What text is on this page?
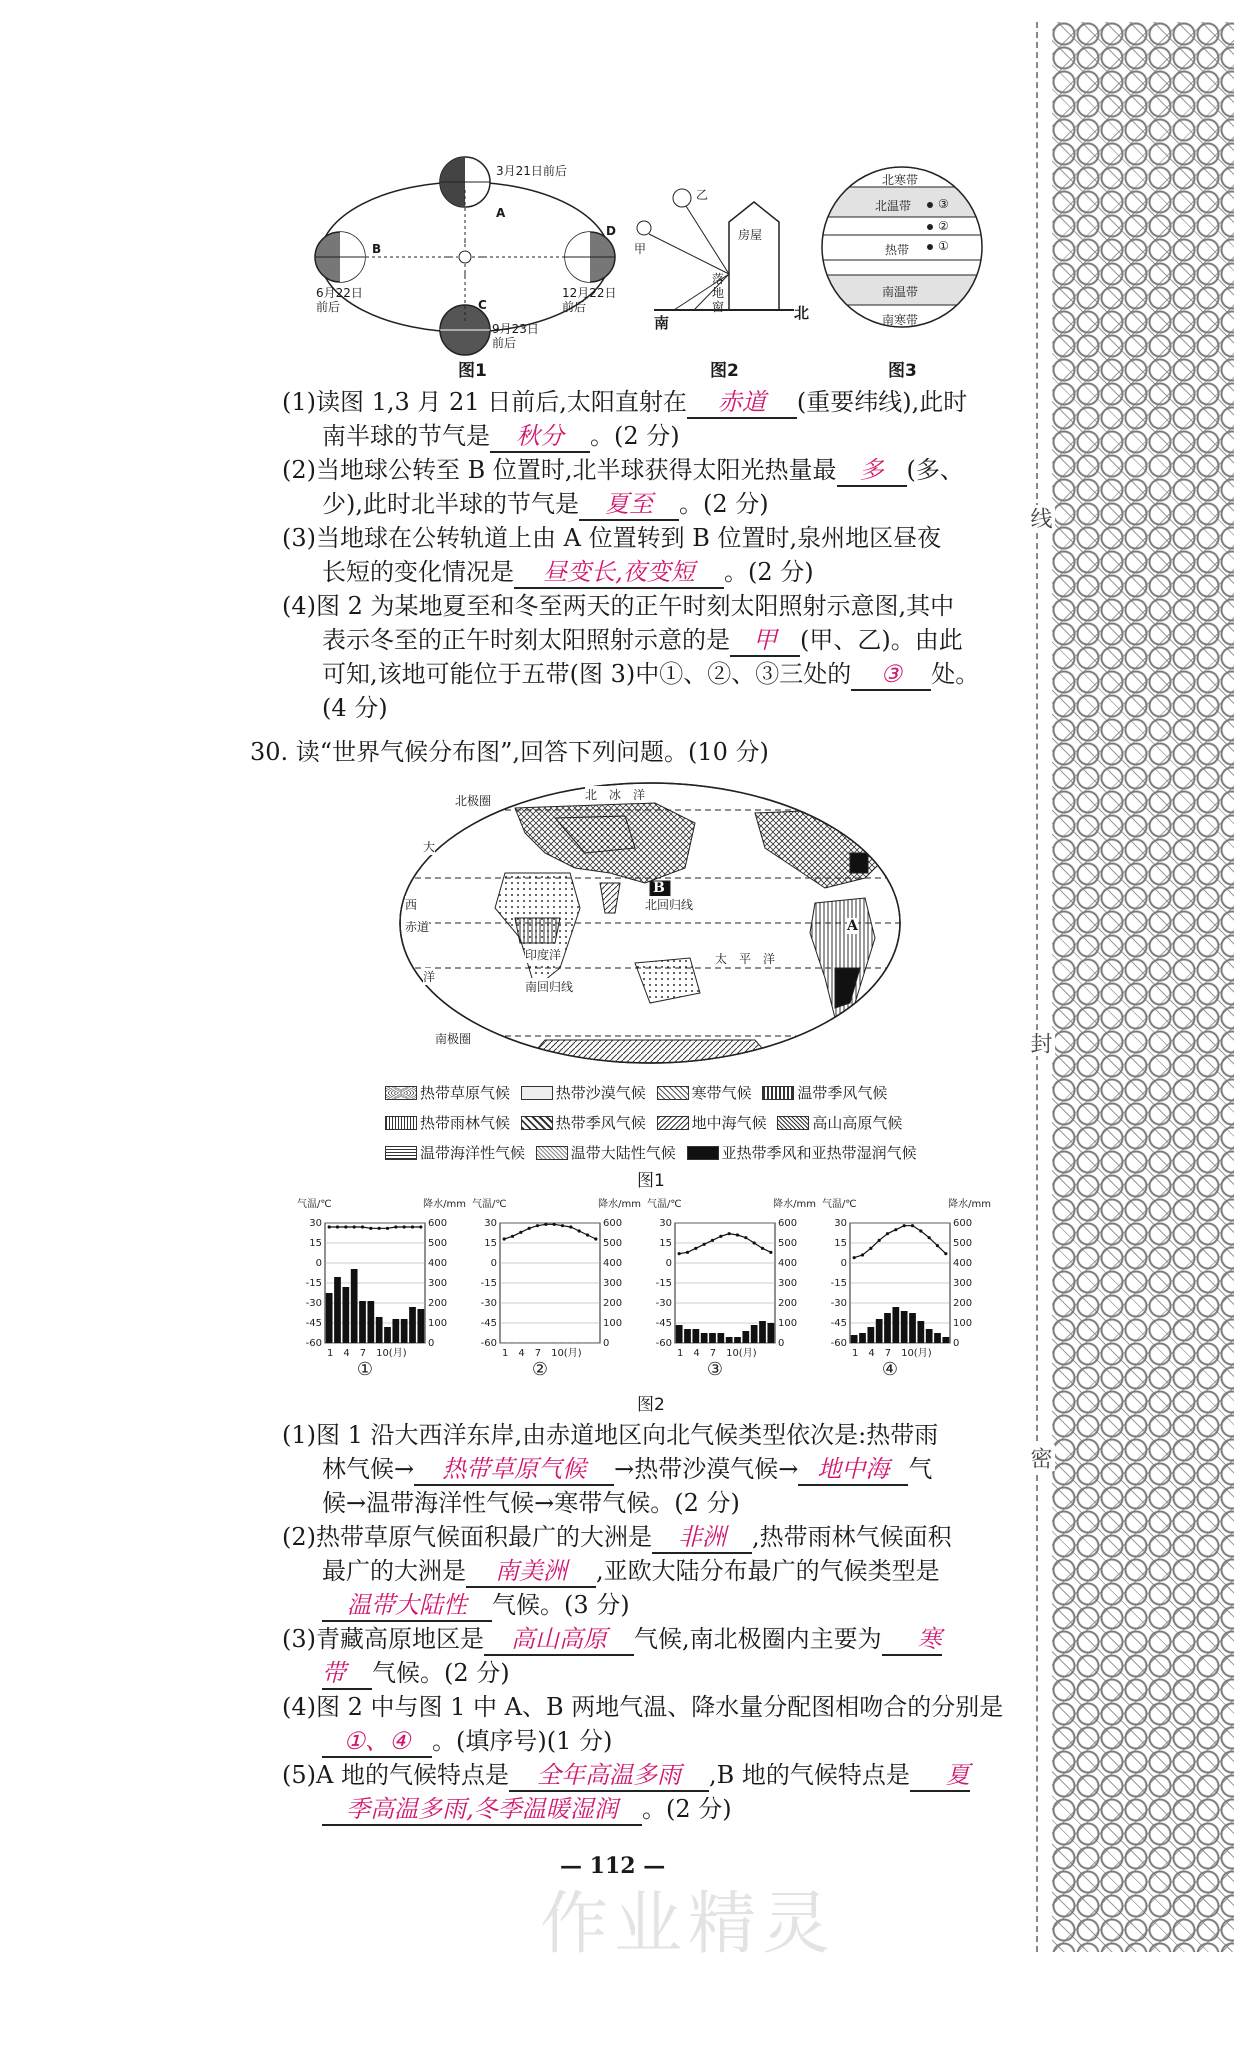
线
封
密
3月21日前后
A
B
C
D
6月22日
前后
12月22日
前后
9月23日
前后
图1
乙
甲
房屋
落地窗
南
北
图2
北寒带
北温带
热带
南温带
南寒带
③
②
①
图3
(1)读图 1,3 月 21 日前后,太阳直射在 赤道 (重要纬线),此时
南半球的节气是 秋分 。(2 分)
(2)当地球公转至 B 位置时,北半球获得太阳光热量最 多 (多、
少),此时北半球的节气是 夏至 。(2 分)
(3)当地球在公转轨道上由 A 位置转到 B 位置时,泉州地区昼夜
长短的变化情况是 昼变长,夜变短 。(2 分)
(4)图 2 为某地夏至和冬至两天的正午时刻太阳照射示意图,其中
表示冬至的正午时刻太阳照射示意的是 甲 (甲、乙)。由此
可知,该地可能位于五带(图 3)中①、②、③三处的 ③ 处。
(4 分)
30. 读“世界气候分布图”,回答下列问题。(10 分)
北极圈	北　冰　洋
大
西
赤道
洋
北回归线
印度洋
南回归线
太　平　洋
南极圈
B
A
热带草原气候	热带沙漠气候	寒带气候	温带季风气候
热带雨林气候	热带季风气候	地中海气候	高山高原气候
温带海洋性气候	温带大陆性气候	亚热带季风和亚热带湿润气候
图1
气温/℃	降水/mm
30
15
0
-15
-30
-45
-60
600
500
400
300
200
100
0
1　4　7　10(月)
①
气温/℃	降水/mm
30
15
0
-15
-30
-45
-60
600
500
400
300
200
100
0
1　4　7　10(月)
②
气温/℃	降水/mm
30
15
0
-15
-30
-45
-60
600
500
400
300
200
100
0
1　4　7　10(月)
③
气温/℃	降水/mm
30
15
0
-15
-30
-45
-60
600
500
400
300
200
100
0
1　4　7　10(月)
④
图2
(1)图 1 沿大西洋东岸,由赤道地区向北气候类型依次是:热带雨
林气候→ 热带草原气候 →热带沙漠气候→ 地中海 气
候→温带海洋性气候→寒带气候。(2 分)
(2)热带草原气候面积最广的大洲是 非洲 ,热带雨林气候面积
最广的大洲是 南美洲 ,亚欧大陆分布最广的气候类型是
温带大陆性 气候。(3 分)
(3)青藏高原地区是 高山高原 气候,南北极圈内主要为 寒
带 气候。(2 分)
(4)图 2 中与图 1 中 A、B 两地气温、降水量分配图相吻合的分别是
①、④ 。(填序号)(1 分)
(5)A 地的气候特点是 全年高温多雨 ,B 地的气候特点是 夏
季高温多雨,冬季温暖湿润 。(2 分)
— 112 —
作业精灵
